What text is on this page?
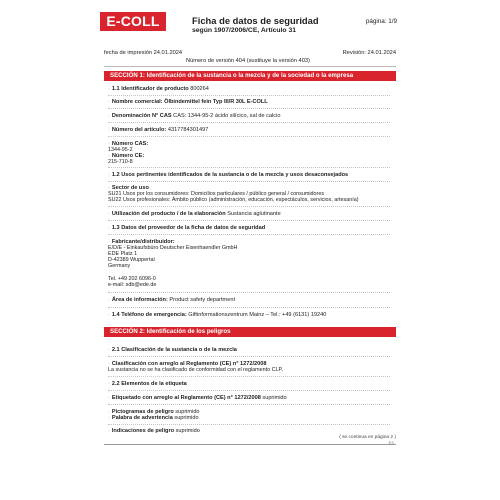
E-COLL	Ficha de datos de seguridad
según 1907/2006/CE, Artículo 31
página: 1/9
fecha de impresión 24.01.2024	Revisión: 24.01.2024
Número de versión 404 (sustituye la versión 403)
SECCIÓN 1: Identificación de la sustancia o la mezcla y de la sociedad o la empresa
· 1.1 Identificador de producto 800264
· Nombre comercial: Ölbindemittel fein Typ III/R 30L E-COLL
· Denominación N° CAS CAS: 1344-95-2 ácido silícico, sal de calcio
· Número del artículo: 4317784301497
· Número CAS:
1344-95-2
· Número CE:
215-710-8
· 1.2 Usos pertinentes identificados de la sustancia o de la mezcla y usos desaconsejados
· Sector de uso
SU21 Usos por los consumidores: Domicilios particulares / público general / consumidores
SU22 Usos profesionales: Ámbito público (administración, educación, espectáculos, servicios, artesanía)
· Utilización del producto / de la elaboración Sustancia aglutinante
· 1.3 Datos del proveedor de la ficha de datos de seguridad
· Fabricante/distribuidor:
E/D/E - Einkaufsbüro Deutscher Eisenhaendler GmbH
EDE Platz 1
D-42389 Wuppertal
Germany
Tel. +49 202 6096-0
e-mail: sdb@ede.de
· Área de información: Product safety department
· 1.4 Teléfono de emergencia: Giftinformationszentrum Mainz – Tel.: +49 (6131) 19240
SECCIÓN 2: Identificación de los peligros
· 2.1 Clasificación de la sustancia o de la mezcla
· Clasificación con arreglo al Reglamento (CE) n° 1272/2008
La sustancia no se ha clasificado de conformidad con el reglamento CLP.
· 2.2 Elementos de la etiqueta
· Etiquetado con arreglo al Reglamento (CE) n° 1272/2008 suprimido
· Pictogramas de peligro suprimido
· Palabra de advertencia suprimido
· Indicaciones de peligro suprimido
( se continua en página 2 )
ES
